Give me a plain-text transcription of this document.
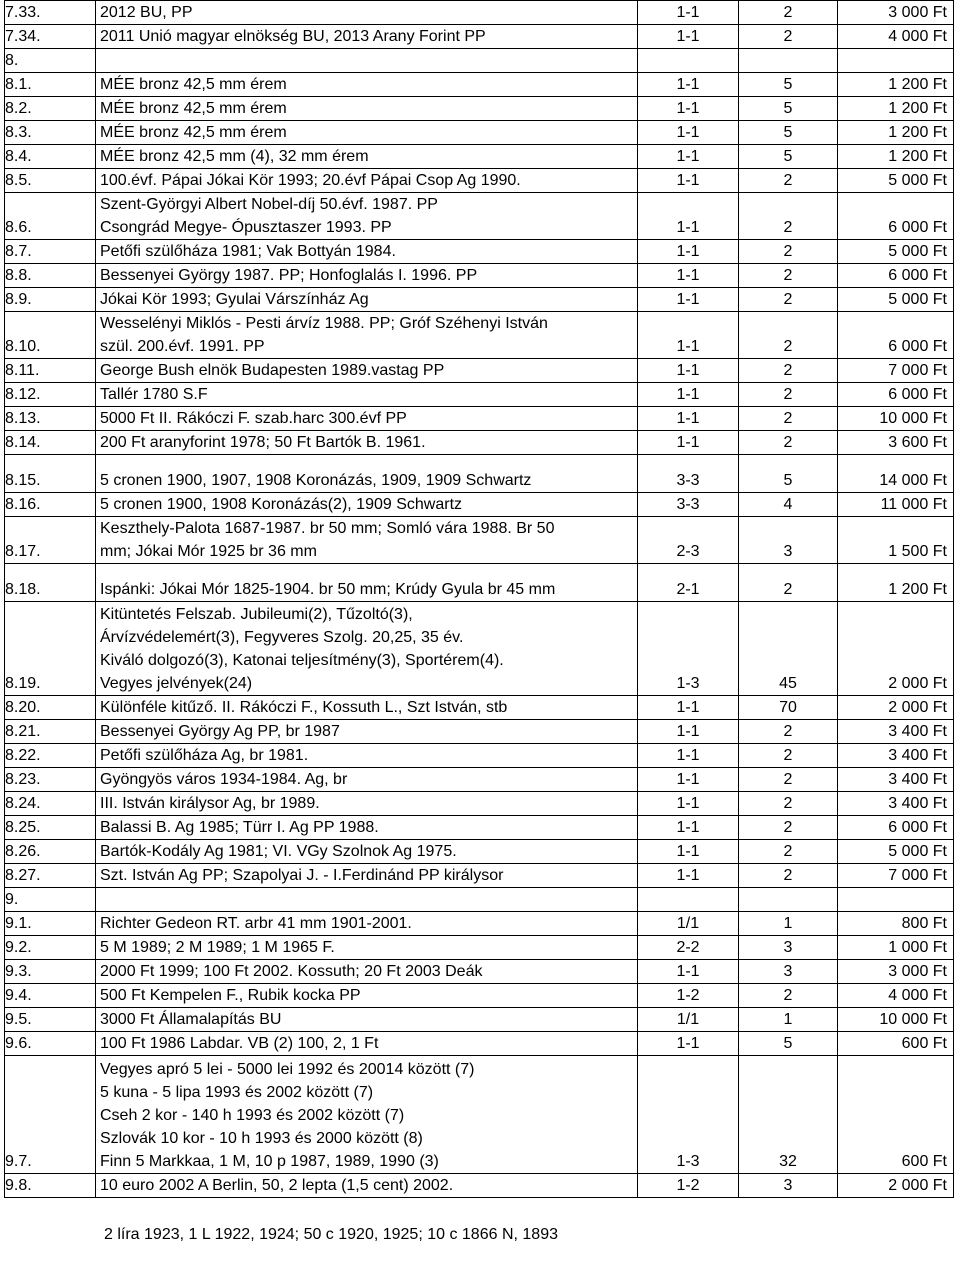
7.33.	2012 BU, PP	1-1	2	3 000 Ft
7.34.	2011 Unió magyar elnökség BU, 2013 Arany Forint PP	1-1	2	4 000 Ft
8.				
8.1.	MÉE bronz 42,5 mm érem	1-1	5	1 200 Ft
8.2.	MÉE bronz 42,5 mm érem	1-1	5	1 200 Ft
8.3.	MÉE bronz 42,5 mm érem	1-1	5	1 200 Ft
8.4.	MÉE bronz 42,5 mm (4), 32 mm érem	1-1	5	1 200 Ft
8.5.	100.évf. Pápai Jókai Kör 1993; 20.évf Pápai Csop Ag 1990.	1-1	2	5 000 Ft
8.6.	Szent-Györgyi Albert Nobel-díj 50.évf. 1987. PP
Csongrád Megye- Ópusztaszer 1993. PP	1-1	2	6 000 Ft
8.7.	Petőfi szülőháza 1981; Vak Bottyán 1984.	1-1	2	5 000 Ft
8.8.	Bessenyei György 1987. PP; Honfoglalás I. 1996. PP	1-1	2	6 000 Ft
8.9.	Jókai Kör 1993; Gyulai Várszínház Ag	1-1	2	5 000 Ft
8.10.	Wesselényi Miklós - Pesti árvíz 1988. PP; Gróf Széhenyi István
szül. 200.évf. 1991. PP	1-1	2	6 000 Ft
8.11.	George Bush elnök Budapesten 1989.vastag PP	1-1	2	7 000 Ft
8.12.	Tallér 1780 S.F	1-1	2	6 000 Ft
8.13.	5000 Ft II. Rákóczi F. szab.harc 300.évf PP	1-1	2	10 000 Ft
8.14.	200 Ft aranyforint 1978; 50 Ft Bartók B. 1961.	1-1	2	3 600 Ft
8.15.	5 cronen 1900, 1907, 1908 Koronázás, 1909, 1909 Schwartz	3-3	5	14 000 Ft
8.16.	5 cronen 1900, 1908 Koronázás(2), 1909 Schwartz	3-3	4	11 000 Ft
8.17.	Keszthely-Palota 1687-1987. br 50 mm; Somló vára 1988. Br 50
mm; Jókai Mór 1925 br 36 mm	2-3	3	1 500 Ft
8.18.	Ispánki: Jókai Mór 1825-1904. br 50 mm; Krúdy Gyula br 45 mm	2-1	2	1 200 Ft
8.19.	Kitüntetés Felszab. Jubileumi(2), Tűzoltó(3),
Árvízvédelemért(3), Fegyveres Szolg. 20,25, 35 év.
Kiváló dolgozó(3), Katonai teljesítmény(3), Sportérem(4).
Vegyes jelvények(24)	1-3	45	2 000 Ft
8.20.	Különféle kitűző. II. Rákóczi F., Kossuth L., Szt István, stb	1-1	70	2 000 Ft
8.21.	Bessenyei György Ag PP, br 1987	1-1	2	3 400 Ft
8.22.	Petőfi szülőháza Ag, br 1981.	1-1	2	3 400 Ft
8.23.	Gyöngyös város 1934-1984. Ag, br	1-1	2	3 400 Ft
8.24.	III. István királysor Ag, br 1989.	1-1	2	3 400 Ft
8.25.	Balassi B. Ag 1985; Türr I. Ag PP 1988.	1-1	2	6 000 Ft
8.26.	Bartók-Kodály Ag 1981; VI. VGy Szolnok Ag 1975.	1-1	2	5 000 Ft
8.27.	Szt. István Ag PP; Szapolyai J. - I.Ferdinánd PP királysor	1-1	2	7 000 Ft
9.				
9.1.	Richter Gedeon RT. arbr 41 mm 1901-2001.	1/1	1	800 Ft
9.2.	5 M 1989; 2 M 1989; 1 M 1965 F.	2-2	3	1 000 Ft
9.3.	2000 Ft 1999; 100 Ft 2002. Kossuth; 20 Ft 2003 Deák	1-1	3	3 000 Ft
9.4.	500 Ft Kempelen F., Rubik kocka PP	1-2	2	4 000 Ft
9.5.	3000 Ft Államalapítás BU	1/1	1	10 000 Ft
9.6.	100 Ft 1986 Labdar. VB (2) 100, 2, 1 Ft	1-1	5	600 Ft
9.7.	Vegyes apró 5 lei - 5000 lei 1992 és 20014 között (7)
5 kuna - 5 lipa 1993 és 2002 között (7)
Cseh 2 kor - 140 h 1993 és 2002 között (7)
Szlovák 10 kor - 10 h 1993 és 2000 között (8)
Finn 5 Markkaa, 1 M, 10 p 1987, 1989, 1990 (3)	1-3	32	600 Ft
9.8.	10 euro 2002 A Berlin, 50, 2 lepta (1,5 cent) 2002.	1-2	3	2 000 Ft
2 líra 1923, 1 L 1922, 1924; 50 c 1920, 1925; 10 c 1866 N, 1893
